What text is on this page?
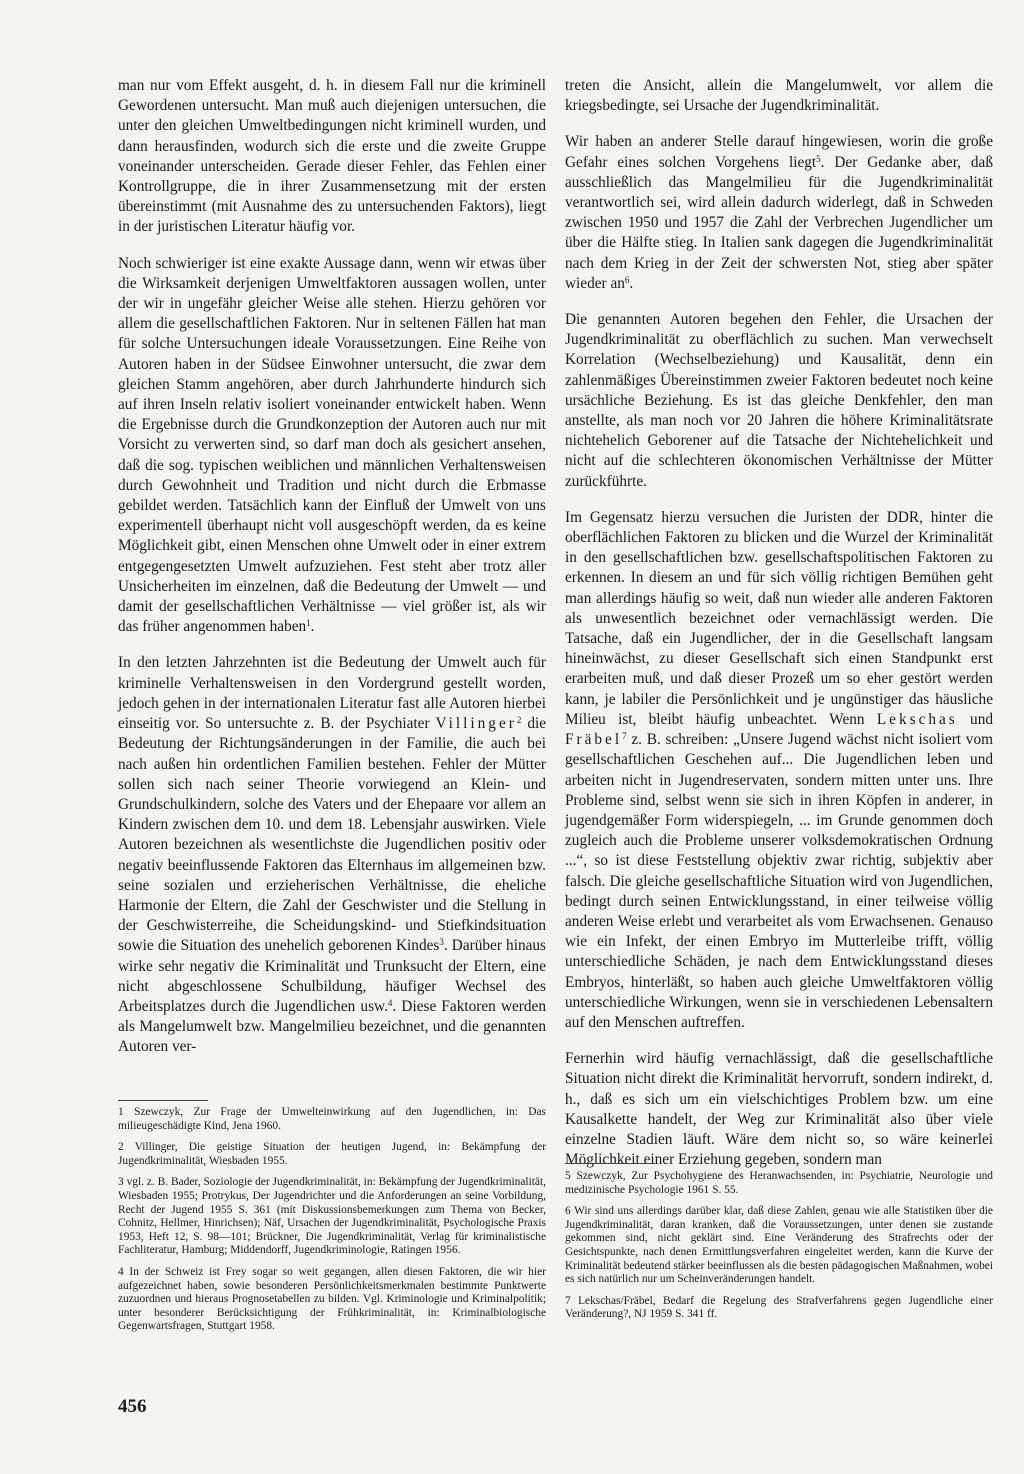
man nur vom Effekt ausgeht, d. h. in diesem Fall nur die kriminell Gewordenen untersucht. Man muß auch diejenigen untersuchen, die unter den gleichen Umweltbedingungen nicht kriminell wurden, und dann herausfinden, wodurch sich die erste und die zweite Gruppe voneinander unterscheiden. Gerade dieser Fehler, das Fehlen einer Kontrollgruppe, die in ihrer Zusammensetzung mit der ersten übereinstimmt (mit Ausnahme des zu untersuchenden Faktors), liegt in der juristischen Literatur häufig vor.

Noch schwieriger ist eine exakte Aussage dann, wenn wir etwas über die Wirksamkeit derjenigen Umweltfaktoren aussagen wollen, unter der wir in ungefähr gleicher Weise alle stehen. Hierzu gehören vor allem die gesellschaftlichen Faktoren. Nur in seltenen Fällen hat man für solche Untersuchungen ideale Voraussetzungen. Eine Reihe von Autoren haben in der Südsee Einwohner untersucht, die zwar dem gleichen Stamm angehören, aber durch Jahrhunderte hindurch sich auf ihren Inseln relativ isoliert voneinander entwickelt haben. Wenn die Ergebnisse durch die Grundkonzeption der Autoren auch nur mit Vorsicht zu verwerten sind, so darf man doch als gesichert ansehen, daß die sog. typischen weiblichen und männlichen Verhaltensweisen durch Gewohnheit und Tradition und nicht durch die Erbmasse gebildet werden. Tatsächlich kann der Einfluß der Umwelt von uns experimentell überhaupt nicht voll ausgeschöpft werden, da es keine Möglichkeit gibt, einen Menschen ohne Umwelt oder in einer extrem entgegengesetzten Umwelt aufzuziehen. Fest steht aber trotz aller Unsicherheiten im einzelnen, daß die Bedeutung der Umwelt — und damit der gesellschaftlichen Verhältnisse — viel größer ist, als wir das früher angenommen haben$^1$.

In den letzten Jahrzehnten ist die Bedeutung der Umwelt auch für kriminelle Verhaltensweisen in den Vordergrund gestellt worden, jedoch gehen in der internationalen Literatur fast alle Autoren hierbei einseitig vor. So untersuchte z. B. der Psychiater Villinger$^2$ die Bedeutung der Richtungsänderungen in der Familie, die auch bei nach außen hin ordentlichen Familien bestehen. Fehler der Mütter sollen sich nach seiner Theorie vorwiegend an Klein- und Grundschulkindern, solche des Vaters und der Ehepaare vor allem an Kindern zwischen dem 10. und dem 18. Lebensjahr auswirken. Viele Autoren bezeichnen als wesentlichste die Jugendlichen positiv oder negativ beeinflussende Faktoren das Elternhaus im allgemeinen bzw. seine sozialen und erzieherischen Verhältnisse, die eheliche Harmonie der Eltern, die Zahl der Geschwister und die Stellung in der Geschwisterreihe, die Scheidungskind- und Stiefkindsituation sowie die Situation des unehelich geborenen Kindes$^3$. Darüber hinaus wirke sehr negativ die Kriminalität und Trunksucht der Eltern, eine nicht abgeschlossene Schulbildung, häufiger Wechsel des Arbeitsplatzes durch die Jugendlichen usw.$^4$. Diese Faktoren werden als Mangelumwelt bzw. Mangelmilieu bezeichnet, und die genannten Autoren ver-

treten die Ansicht, allein die Mangelumwelt, vor allem die kriegsbedingte, sei Ursache der Jugendkriminalität.

Wir haben an anderer Stelle darauf hingewiesen, worin die große Gefahr eines solchen Vorgehens liegt$^5$. Der Gedanke aber, daß ausschließlich das Mangelmilieu für die Jugendkriminalität verantwortlich sei, wird allein dadurch widerlegt, daß in Schweden zwischen 1950 und 1957 die Zahl der Verbrechen Jugendlicher um über die Hälfte stieg. In Italien sank dagegen die Jugendkriminalität nach dem Krieg in der Zeit der schwersten Not, stieg aber später wieder $an^6$.

Die genannten Autoren begehen den Fehler, die Ursachen der Jugendkriminalität zu oberflächlich zu suchen. Man verwechselt Korrelation (Wechselbeziehung) und Kausalität, denn ein zahlenmäßiges Übereinstimmen zweier Faktoren bedeutet noch keine ursächliche Beziehung. Es ist das gleiche Denkfehler, den man anstellte, als man noch vor 20 Jahren die höhere Kriminalitätsrate nichtehelich Geborener auf die Tatsache der Nichtehelichkeit und nicht auf die schlechteren ökonomischen Verhältnisse der Mütter zurückführte.

Im Gegensatz hierzu versuchen die Juristen der DDR, hinter die oberflächlichen Faktoren zu blicken und die Wurzel der Kriminalität in den gesellschaftlichen bzw. gesellschaftspolitischen Faktoren zu erkennen. In diesem an und für sich völlig richtigen Bemühen geht man allerdings häufig so weit, daß nun wieder alle anderen Faktoren als unwesentlich bezeichnet oder vernachlässigt werden. Die Tatsache, daß ein Jugendlicher, der in die Gesellschaft langsam hineinwächst, zu dieser Gesellschaft sich einen Standpunkt erst erarbeiten muß, und daß dieser Prozeß um so eher gestört werden kann, je labiler die Persönlichkeit und je ungünstiger das häusliche Milieu ist, bleibt häufig unbeachtet. Wenn Lekschas und Fräbel$^7$ z. B. schreiben: „Unsere Jugend wächst nicht isoliert vom gesellschaftlichen Geschehen auf... Die Jugendlichen leben und arbeiten nicht in Jugendreservaten, sondern mitten unter uns. Ihre Probleme sind, selbst wenn sie sich in ihren Köpfen in anderer, in jugendgemäßer Form widerspiegeln, ... im Grunde genommen doch zugleich auch die Probleme unserer volksdemokratischen Ordnung ...“, so ist diese Feststellung objektiv zwar richtig, subjektiv aber falsch. Die gleiche gesellschaftliche Situation wird von Jugendlichen, bedingt durch seinen Entwicklungsstand, in einer teilweise völlig anderen Weise erlebt und verarbeitet als vom Erwachsenen. Genauso wie ein Infekt, der einen Embryo im Mutterleibe trifft, völlig unterschiedliche Schäden, je nach dem Entwicklungsstand dieses Embryos, hinterläßt, so haben auch gleiche Umweltfaktoren völlig unterschiedliche Wirkungen, wenn sie in verschiedenen Lebensaltern auf den Menschen auftreffen.

Fernerhin wird häufig vernachlässigt, daß die gesellschaftliche Situation nicht direkt die Kriminalität hervorruft, sondern indirekt, d. h., daß es sich um ein vielschichtiges Problem bzw. um eine Kausalkette handelt, der Weg zur Kriminalität also über viele einzelne Stadien läuft. Wäre dem nicht so, so wäre keinerlei Möglichkeit einer Erziehung gegeben, sondern man

1 Szewczyk, Zur Frage der Umwelteinwirkung auf den Jugendlichen, in: Das milieugeschädigte Kind, Jena 1960.

2 Villinger, Die geistige Situation der heutigen Jugend, in: Bekämpfung der Jugendkriminalität, Wiesbaden 1955.

3 vgl. z. B. Bader, Soziologie der Jugendkriminalität, in: Bekämpfung der Jugendkriminalität, Wiesbaden 1955; Protrykus, Der Jugendrichter und die Anforderungen an seine Vorbildung, Recht der Jugend 1955 S. 361 (mit Diskussionsbemerkungen zum Thema von Becker, Cohnitz, Hellmer, Hinrichsen); Näf, Ursachen der Jugendkriminalität, Psychologische Praxis 1953, Heft 12, S. 98—101; Brückner, Die Jugendkriminalität, Verlag für kriminalistische Fachliteratur, Hamburg; Middendorff, Jugendkriminologie, Ratingen 1956.

4 In der Schweiz ist Frey sogar so weit gegangen, allen diesen Faktoren, die wir hier aufgezeichnet haben, sowie besonderen Persönlichkeitsmerkmalen bestimmte Punktwerte zuzuordnen und hieraus Prognosetabellen zu bilden. Vgl. Kriminologie und Kriminalpolitik; unter besonderer Berücksichtigung der Frühkriminalität, in: Kriminalbiologische Gegenwartsfragen, Stuttgart 1958.

5 Szewczyk, Zur Psychohygiene des Heranwachsenden, in: Psychiatrie, Neurologie und medizinische Psychologie 1961 S. 55.

6 Wir sind uns allerdings darüber klar, daß diese Zahlen, genau wie alle Statistiken über die Jugendkriminalität, daran kranken, daß die Voraussetzungen, unter denen sie zustande gekommen sind, nicht geklärt sind. Eine Veränderung des Strafrechts oder der Gesichtspunkte, nach denen Ermittlungsverfahren eingeleitet werden, kann die Kurve der Kriminalität bedeutend stärker beeinflussen als die besten pädagogischen Maßnahmen, wobei es sich natürlich nur um Scheinveränderungen handelt.

7 Lekschas/Fräbel, Bedarf die Regelung des Strafverfahrens gegen Jugendliche einer Veränderung?, NJ 1959 S. 341 ff.

456
